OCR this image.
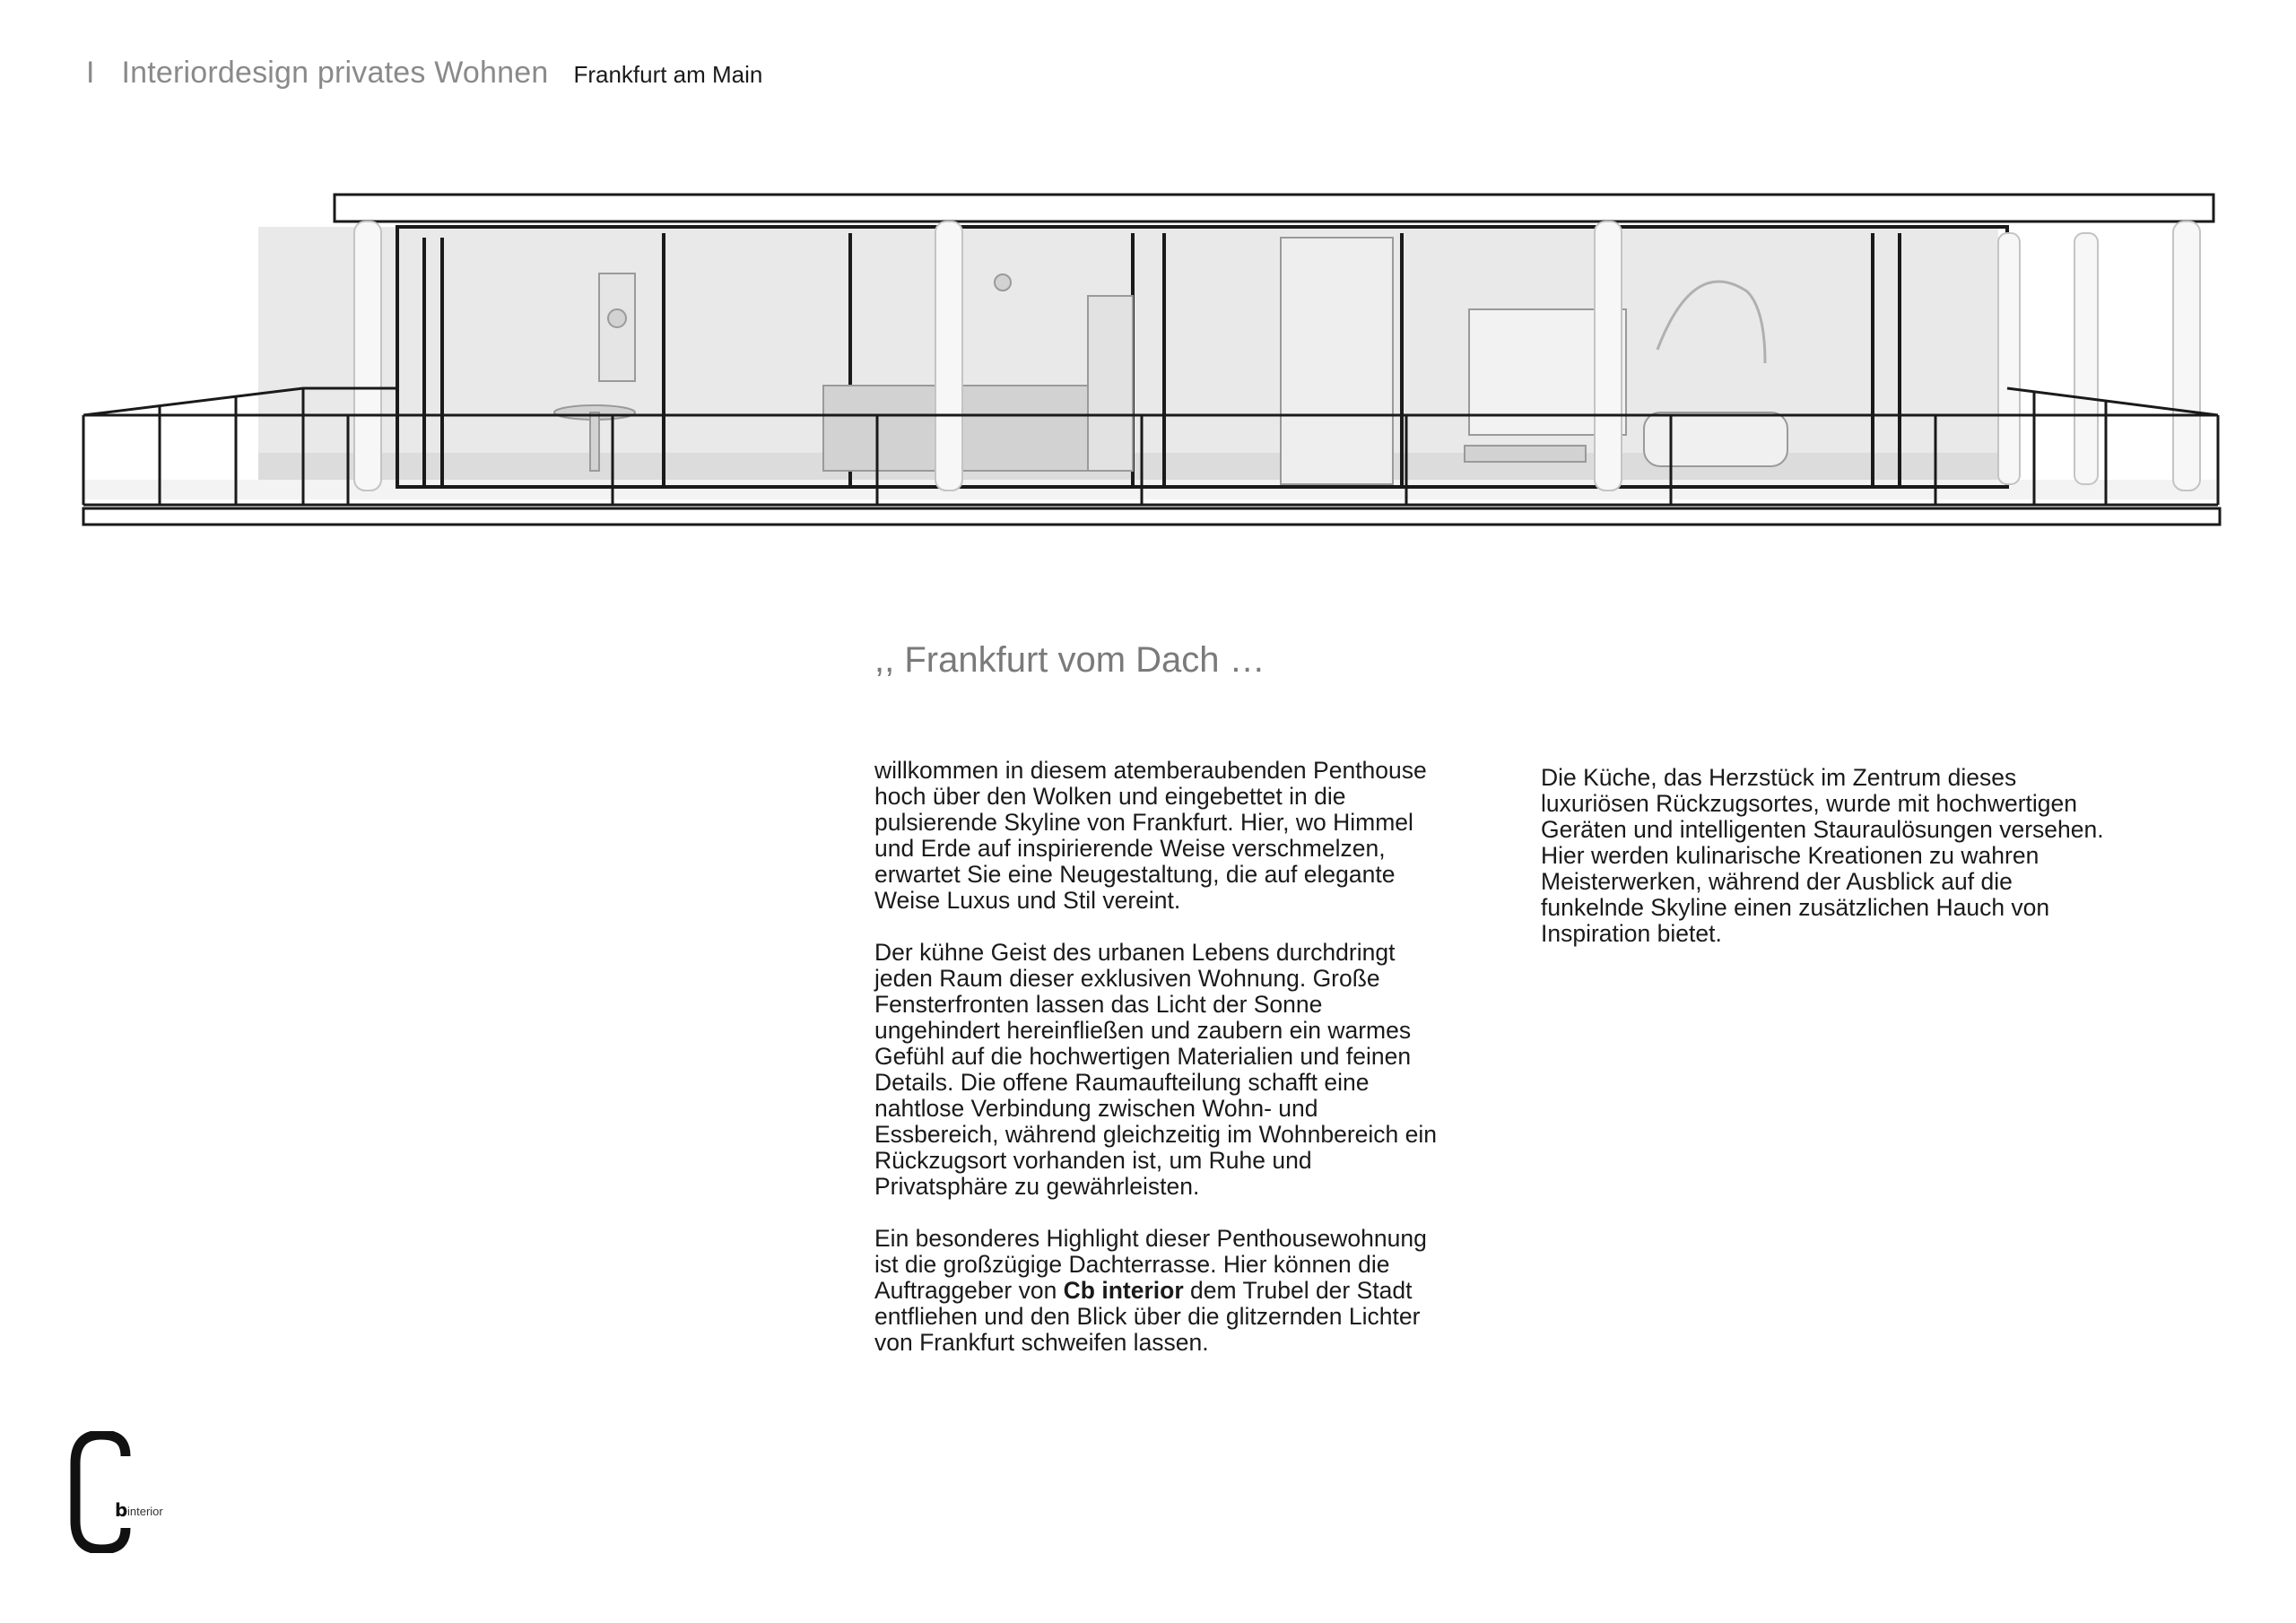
I Interiordesign privates Wohnen Frankfurt am Main
,, Frankfurt vom Dach …

willkommen in diesem atemberaubenden Penthouse hoch über den Wolken und eingebettet in die pulsierende Skyline von Frankfurt. Hier, wo Himmel und Erde auf inspirierende Weise verschmelzen, erwartet Sie eine Neugestaltung, die auf elegante Weise Luxus und Stil vereint.

Der kühne Geist des urbanen Lebens durchdringt jeden Raum dieser exklusiven Wohnung. Große Fensterfronten lassen das Licht der Sonne ungehindert hereinfließen und zaubern ein warmes Gefühl auf die hochwertigen Materialien und feinen Details. Die offene Raumaufteilung schafft eine nahtlose Verbindung zwischen Wohn- und Essbereich, während gleichzeitig im Wohnbereich ein Rückzugsort vorhanden ist, um Ruhe und Privatsphäre zu gewährleisten.

Ein besonderes Highlight dieser Penthousewohnung ist die großzügige Dachterrasse. Hier können die Auftraggeber von Cb interior dem Trubel der Stadt entfliehen und den Blick über die glitzernden Lichter von Frankfurt schweifen lassen.

Die Küche, das Herzstück im Zentrum dieses luxuriösen Rückzugsortes, wurde mit hochwertigen Geräten und intelligenten Stauraulösungen versehen. Hier werden kulinarische Kreationen zu wahren Meisterwerken, während der Ausblick auf die funkelnde Skyline einen zusätzlichen Hauch von Inspiration bietet.

b interior
